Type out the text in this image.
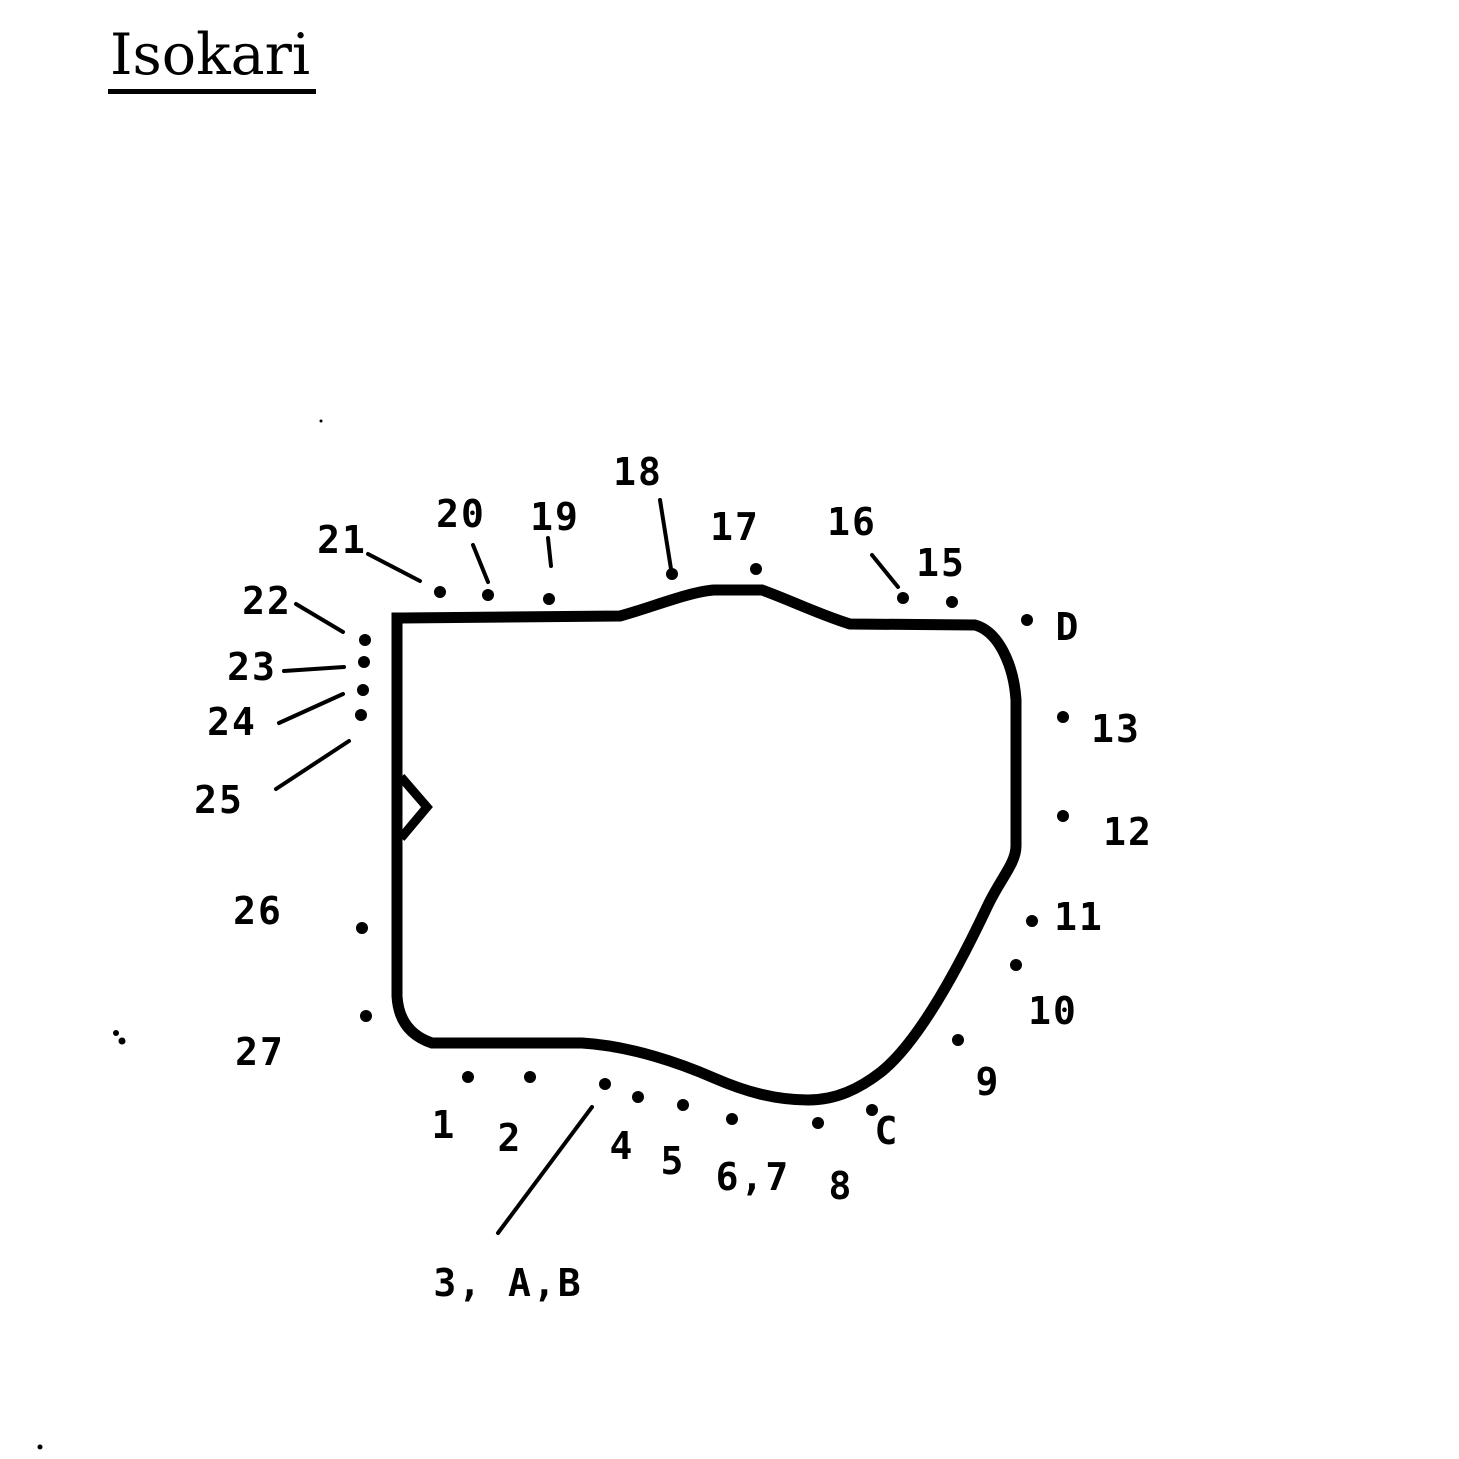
Isokari
1 2
3, A,B
4 5 6,7 8
9
10
11
12
13
15
16
17
18
19
20
21
22
23
24
25
26
27
C
D
